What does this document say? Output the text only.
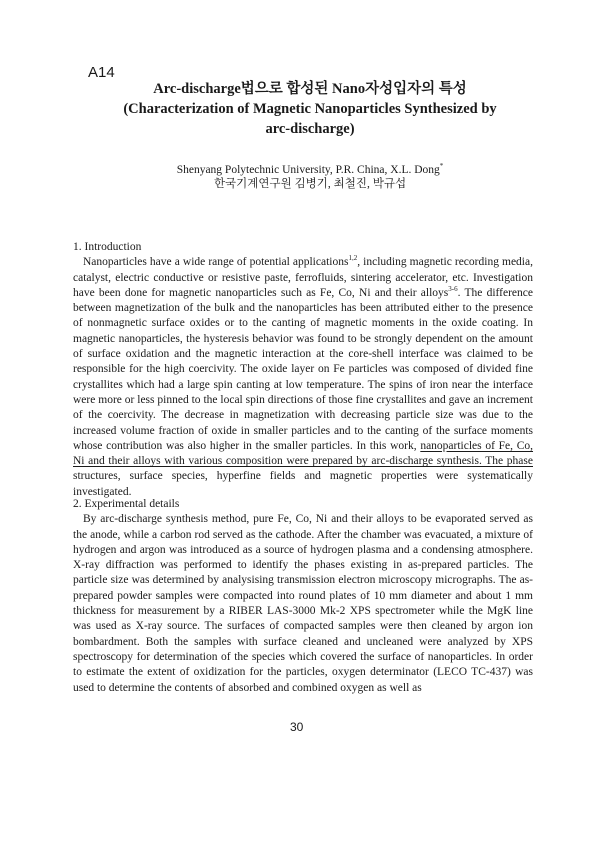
A14
Arc-discharge법으로 합성된 Nano자성입자의 특성
(Characterization of Magnetic Nanoparticles Synthesized by
arc-discharge)
Shenyang Polytechnic University, P.R. China, X.L. Dong*
한국기계연구원 김병기, 최철진, 박규섭
1. Introduction

Nanoparticles have a wide range of potential applications$^{1,2}$, including magnetic recording media, catalyst, electric conductive or resistive paste, ferrofluids, sintering accelerator, etc. Investigation have been done for magnetic nanoparticles such as Fe, Co, Ni and their alloys$^{3-6}$. The difference between magnetization of the bulk and the nanoparticles has been attributed either to the presence of nonmagnetic surface oxides or to the canting of magnetic moments in the oxide coating. In magnetic nanoparticles, the hysteresis behavior was found to be strongly dependent on the amount of surface oxidation and the magnetic interaction at the core-shell interface was claimed to be responsible for the high coercivity. The oxide layer on Fe particles was composed of divided fine crystallites which had a large spin canting at low temperature. The spins of iron near the interface were more or less pinned to the local spin directions of those fine crystallites and gave an increment of the coercivity. The decrease in magnetization with decreasing particle size was due to the increased volume fraction of oxide in smaller particles and to the canting of the surface moments whose contribution was also higher in the smaller particles. In this work, nanoparticles of Fe, Co, Ni and their alloys with various composition were prepared by arc-discharge synthesis. The phase structures, surface species, hyperfine fields and magnetic properties were systematically investigated.

2. Experimental details

By arc-discharge synthesis method, pure Fe, Co, Ni and their alloys to be evaporated served as the anode, while a carbon rod served as the cathode. After the chamber was evacuated, a mixture of hydrogen and argon was introduced as a source of hydrogen plasma and a condensing atmosphere. X-ray diffraction was performed to identify the phases existing in as-prepared particles. The particle size was determined by analysising transmission electron microscopy micrographs. The as-prepared powder samples were compacted into round plates of 10 mm diameter and about 1 mm thickness for measurement by a RIBER LAS-3000 Mk-2 XPS spectrometer while the MgK line was used as X-ray source. The surfaces of compacted samples were then cleaned by argon ion bombardment. Both the samples with surface cleaned and uncleaned were analyzed by XPS spectroscopy for determination of the species which covered the surface of nanoparticles. In order to estimate the extent of oxidization for the particles, oxygen determinator (LECO TC-437) was used to determine the contents of absorbed and combined oxygen as well as

30
